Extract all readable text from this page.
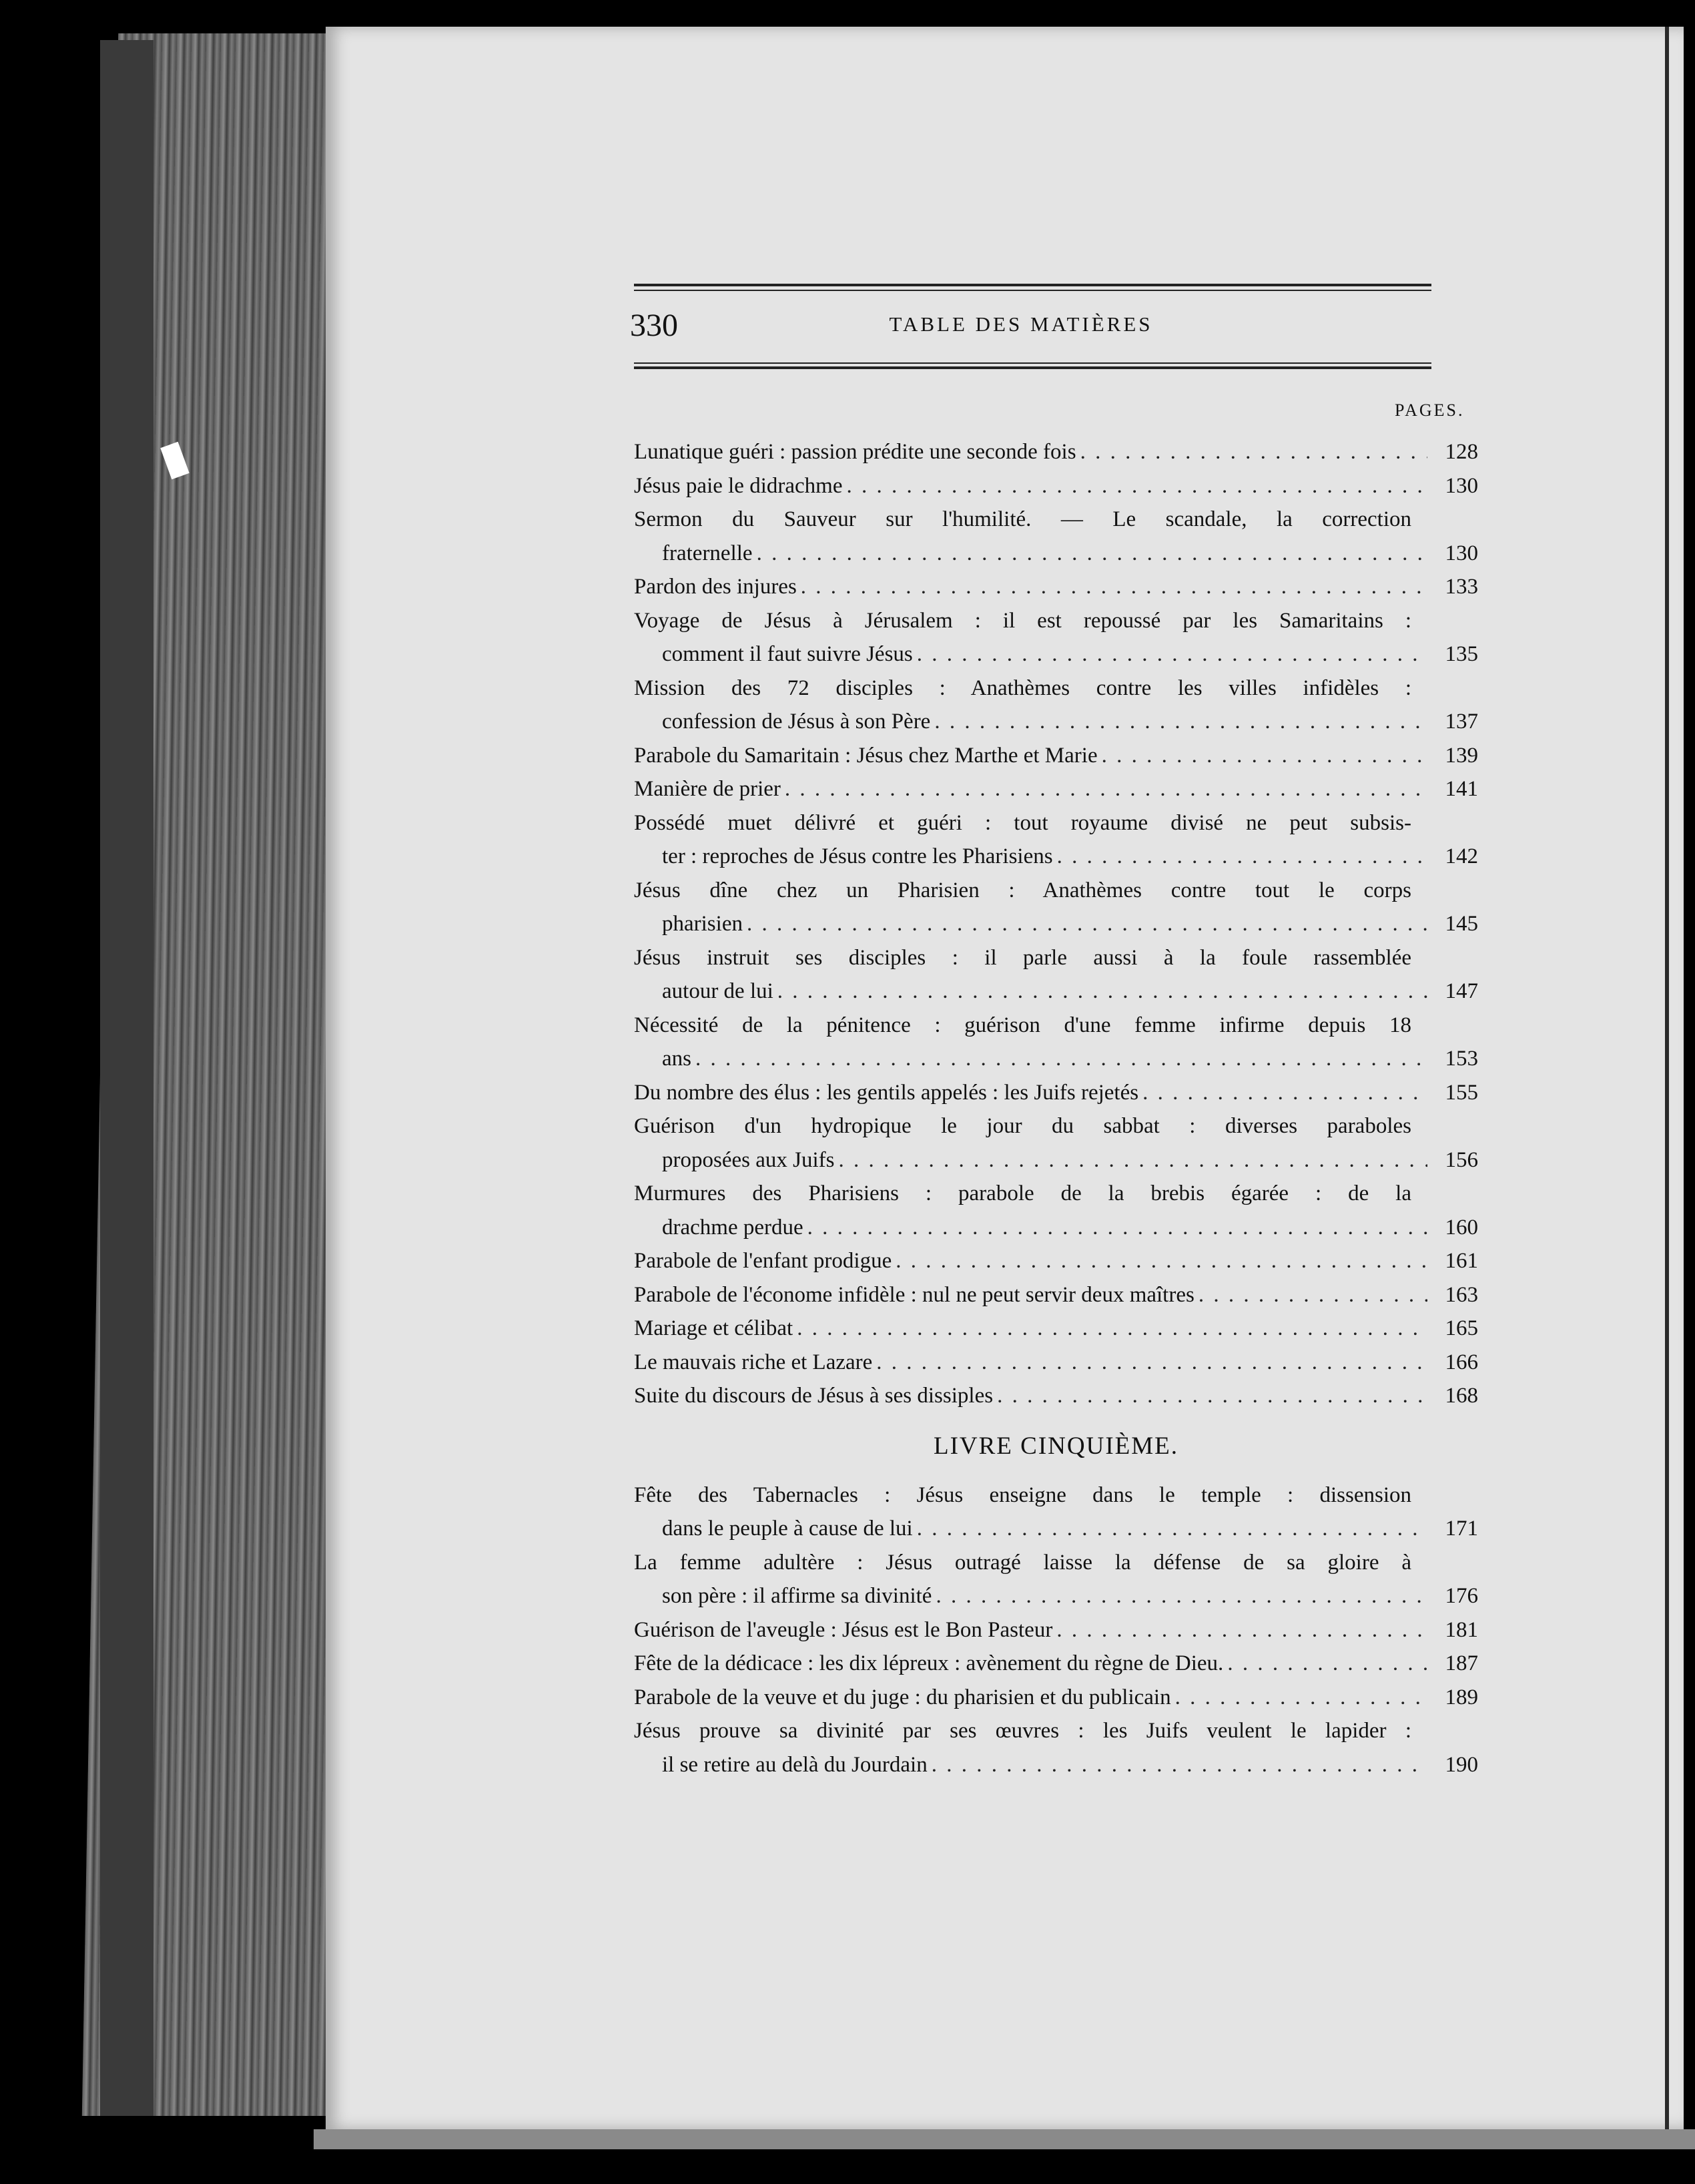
330	TABLE DES MATIÈRES
PAGES.
Lunatique guéri : passion prédite une seconde fois . . .	128
Jésus paie le didrachme . . .	130
Sermon du Sauveur sur l'humilité. — Le scandale, la correction
fraternelle . . .	130
Pardon des injures . . .	133
Voyage de Jésus à Jérusalem : il est repoussé par les Samaritains :
comment il faut suivre Jésus . . .	135
Mission des 72 disciples : Anathèmes contre les villes infidèles :
confession de Jésus à son Père . . .	137
Parabole du Samaritain : Jésus chez Marthe et Marie . . .	139
Manière de prier . . .	141
Possédé muet délivré et guéri : tout royaume divisé ne peut subsis-
ter : reproches de Jésus contre les Pharisiens . . .	142
Jésus dîne chez un Pharisien : Anathèmes contre tout le corps
pharisien . . .	145
Jésus instruit ses disciples : il parle aussi à la foule rassemblée
autour de lui . . .	147
Nécessité de la pénitence : guérison d'une femme infirme depuis 18
ans . . .	153
Du nombre des élus : les gentils appelés : les Juifs rejetés . . .	155
Guérison d'un hydropique le jour du sabbat : diverses paraboles
proposées aux Juifs . . .	156
Murmures des Pharisiens : parabole de la brebis égarée : de la
drachme perdue . . .	160
Parabole de l'enfant prodigue . . .	161
Parabole de l'économe infidèle : nul ne peut servir deux maîtres . . .	163
Mariage et célibat . . .	165
Le mauvais riche et Lazare . . .	166
Suite du discours de Jésus à ses dissiples . . .	168
LIVRE CINQUIÈME.
Fête des Tabernacles : Jésus enseigne dans le temple : dissension
dans le peuple à cause de lui . . .	171
La femme adultère : Jésus outragé laisse la défense de sa gloire à
son père : il affirme sa divinité . . .	176
Guérison de l'aveugle : Jésus est le Bon Pasteur . . .	181
Fête de la dédicace : les dix lépreux : avènement du règne de Dieu. . . .	187
Parabole de la veuve et du juge : du pharisien et du publicain . . .	189
Jésus prouve sa divinité par ses œuvres : les Juifs veulent le lapider :
il se retire au delà du Jourdain . . .	190
